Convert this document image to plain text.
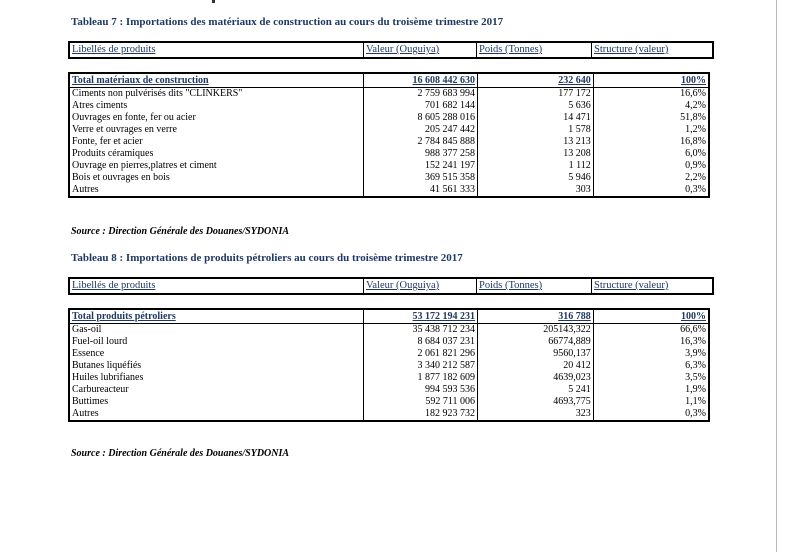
Tableau 7 : Importations des matériaux de construction au cours du troisème trimestre 2017
Libellés de produits	Valeur (Ouguiya)	Poids (Tonnes)	Structure (valeur)
Total matériaux de construction	16 608 442 630	232 640	100%
Ciments non pulvérisés dits "CLINKERS"	2 759 683 994	177 172	16,6%
Atres ciments	701 682 144	5 636	4,2%
Ouvrages en fonte, fer ou acier	8 605 288 016	14 471	51,8%
Verre et ouvrages en verre	205 247 442	1 578	1,2%
Fonte, fer et acier	2 784 845 888	13 213	16,8%
Produits céramiques	988 377 258	13 208	6,0%
Ouvrage en pierres,platres et ciment	152 241 197	1 112	0,9%
Bois et ouvrages en bois	369 515 358	5 946	2,2%
Autres	41 561 333	303	0,3%
Source : Direction Générale des Douanes/SYDONIA
Tableau 8 : Importations de produits pétroliers au cours du troisème trimestre 2017
Libellés de produits	Valeur (Ouguiya)	Poids (Tonnes)	Structure (valeur)
Total produits pétroliers	53 172 194 231	316 788	100%
Gas-oil	35 438 712 234	205143,322	66,6%
Fuel-oil lourd	8 684 037 231	66774,889	16,3%
Essence	2 061 821 296	9560,137	3,9%
Butanes liquéfiés	3 340 212 587	20 412	6,3%
Huiles lubrifianes	1 877 182 609	4639,023	3,5%
Carbureacteur	994 593 536	5 241	1,9%
Buttimes	592 711 006	4693,775	1,1%
Autres	182 923 732	323	0,3%
Source : Direction Générale des Douanes/SYDONIA
